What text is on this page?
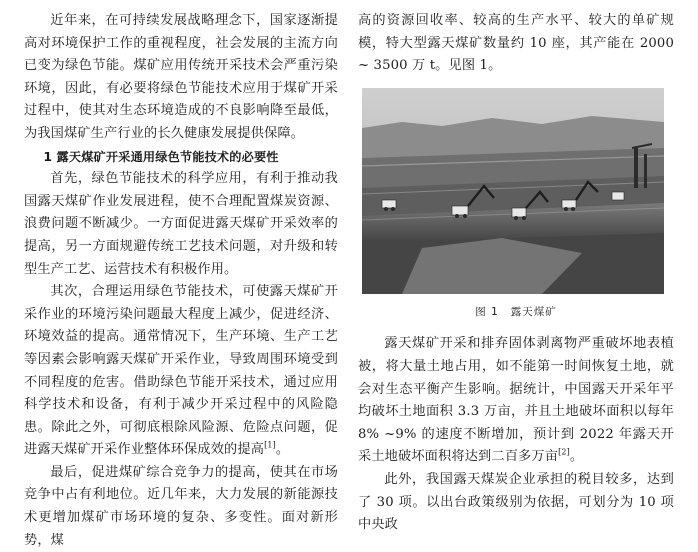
近年来，在可持续发展战略理念下，国家逐渐提高对环境保护工作的重视程度，社会发展的主流方向已变为绿色节能。煤矿应用传统开采技术会严重污染环境，因此，有必要将绿色节能技术应用于煤矿开采过程中，使其对生态环境造成的不良影响降至最低，为我国煤矿生产行业的长久健康发展提供保障。

1 露天煤矿开采通用绿色节能技术的必要性

首先，绿色节能技术的科学应用，有利于推动我国露天煤矿作业发展进程，使不合理配置煤炭资源、浪费问题不断减少。一方面促进露天煤矿开采效率的提高，另一方面规避传统工艺技术问题，对升级和转型生产工艺、运营技术有积极作用。

其次，合理运用绿色节能技术，可使露天煤矿开采作业的环境污染问题最大程度上减少，促进经济、环境效益的提高。通常情况下，生产环境、生产工艺等因素会影响露天煤矿开采作业，导致周围环境受到不同程度的危害。借助绿色节能开采技术，通过应用科学技术和设备，有利于减少开采过程中的风险隐患。除此之外，可彻底根除风险源、危险点问题，促进露天煤矿开采作业整体环保成效的提高[1]。

最后，促进煤矿综合竞争力的提高，使其在市场竞争中占有利地位。近几年来，大力发展的新能源技术更增加煤矿市场环境的复杂、多变性。面对新形势，煤

高的资源回收率、较高的生产水平、较大的单矿规模，特大型露天煤矿数量约 10 座，其产能在 2000 ~ 3500 万 t。见图 1。

图 1 露天煤矿

露天煤矿开采和排弃固体剥离物严重破坏地表植被，将大量土地占用，如不能第一时间恢复土地，就会对生态平衡产生影响。据统计，中国露天开采年平均破坏土地面积 3.3 万亩，并且土地破坏面积以每年 8% ~9% 的速度不断增加，预计到 2022 年露天开采土地破坏面积将达到二百多万亩[2]。

此外，我国露天煤炭企业承担的税目较多，达到了 30 项。以出台政策级别为依据，可划分为 10 项中央政
